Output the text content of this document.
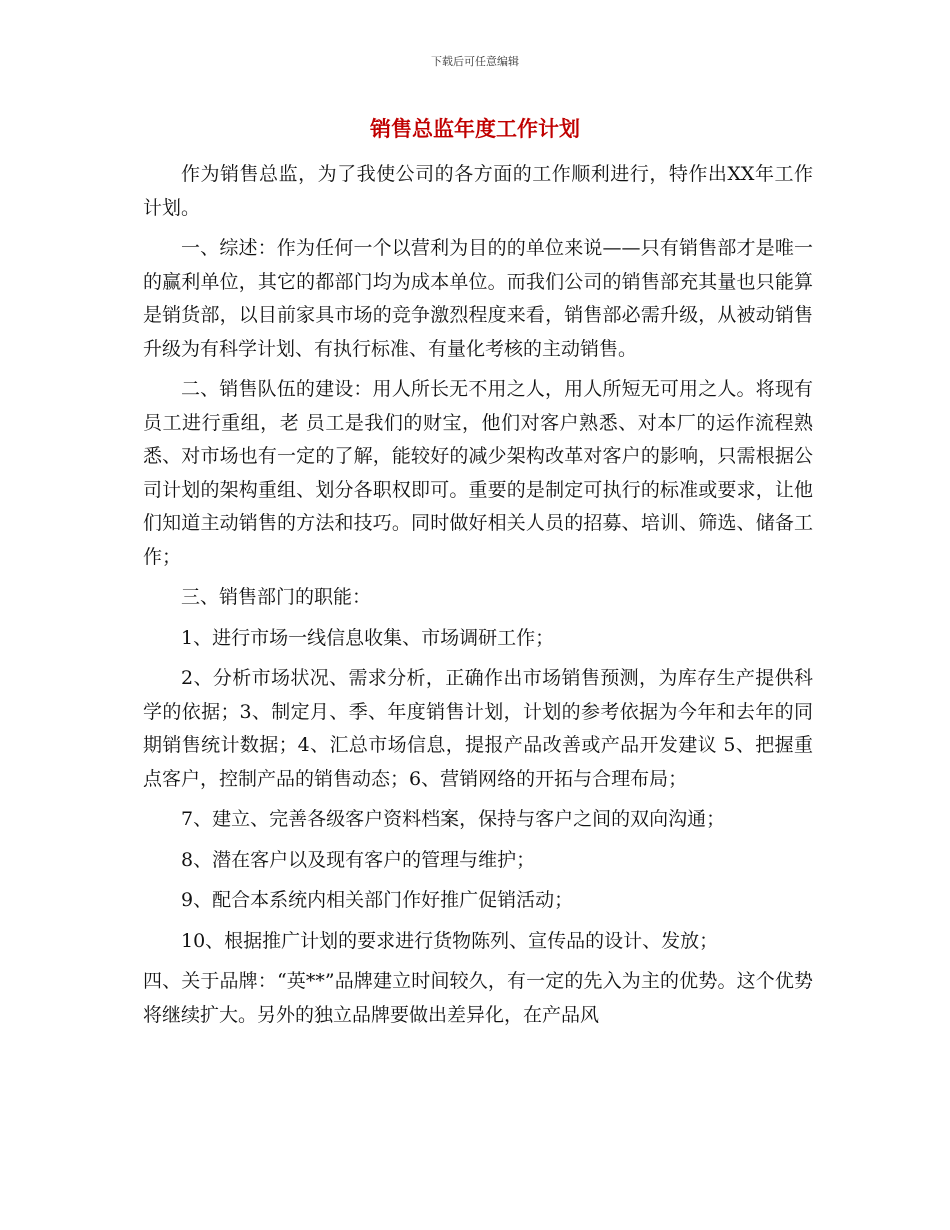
下载后可任意编辑
销售总监年度工作计划

作为销售总监，为了我使公司的各方面的工作顺利进行，特作出XX年工作计划。

一、综述：作为任何一个以营利为目的的单位来说——只有销售部才是唯一的赢利单位，其它的都部门均为成本单位。而我们公司的销售部充其量也只能算是销货部，以目前家具市场的竞争激烈程度来看，销售部必需升级，从被动销售升级为有科学计划、有执行标准、有量化考核的主动销售。

二、销售队伍的建设：用人所长无不用之人，用人所短无可用之人。将现有员工进行重组，老 员工是我们的财宝，他们对客户熟悉、对本厂的运作流程熟悉、对市场也有一定的了解，能较好的减少架构改革对客户的影响，只需根据公司计划的架构重组、划分各职权即可。重要的是制定可执行的标准或要求，让他们知道主动销售的方法和技巧。同时做好相关人员的招募、培训、筛选、储备工作；

三、销售部门的职能：

1、进行市场一线信息收集、市场调研工作；

2、分析市场状况、需求分析，正确作出市场销售预测，为库存生产提供科学的依据；3、制定月、季、年度销售计划，计划的参考依据为今年和去年的同期销售统计数据；4、汇总市场信息，提报产品改善或产品开发建议 5、把握重点客户，控制产品的销售动态；6、营销网络的开拓与合理布局；

7、建立、完善各级客户资料档案，保持与客户之间的双向沟通；

8、潜在客户以及现有客户的管理与维护；

9、配合本系统内相关部门作好推广促销活动；

10、根据推广计划的要求进行货物陈列、宣传品的设计、发放；

四、关于品牌：“英**”品牌建立时间较久，有一定的先入为主的优势。这个优势将继续扩大。另外的独立品牌要做出差异化，在产品风
